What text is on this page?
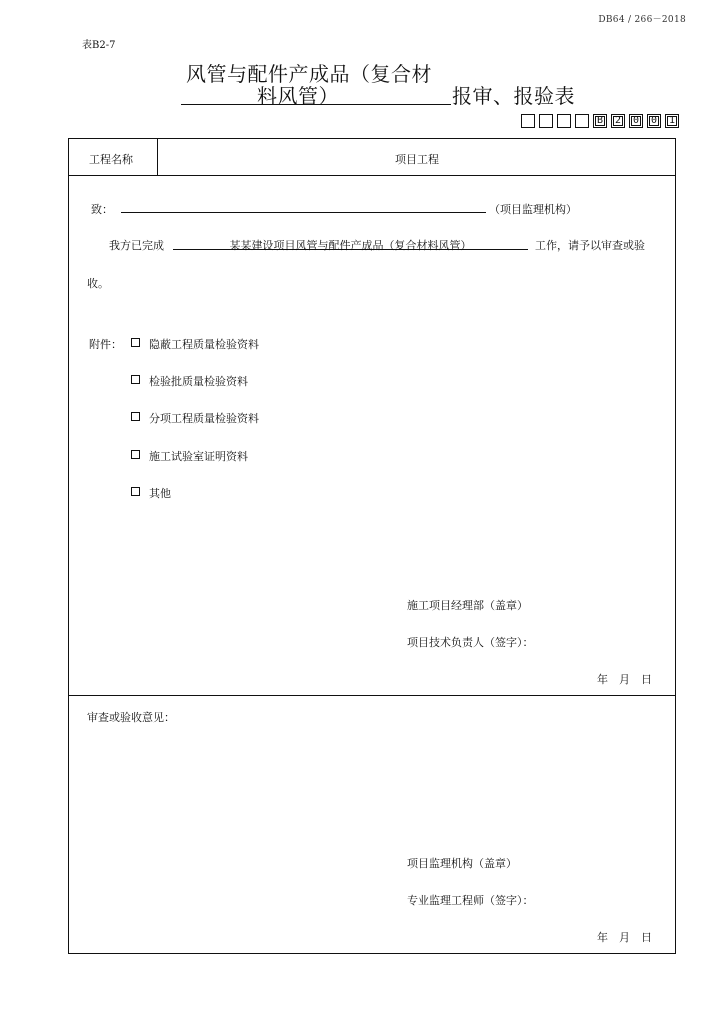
DB64 / 266－2018
表B2-7
风管与配件产成品（复合材
料风管）	报审、报验表
B	2	0	0	1
工程名称	项目工程
致：	（项目监理机构）
我方已完成	某某建设项目风管与配件产成品（复合材料风管）	工作，请予以审查或验
收。
附件： 隐蔽工程质量检验资料
检验批质量检验资料
分项工程质量检验资料
施工试验室证明资料
其他
施工项目经理部（盖章）
项目技术负责人（签字）：
年　月　日
审查或验收意见：
项目监理机构（盖章）
专业监理工程师（签字）：
年　月　日
